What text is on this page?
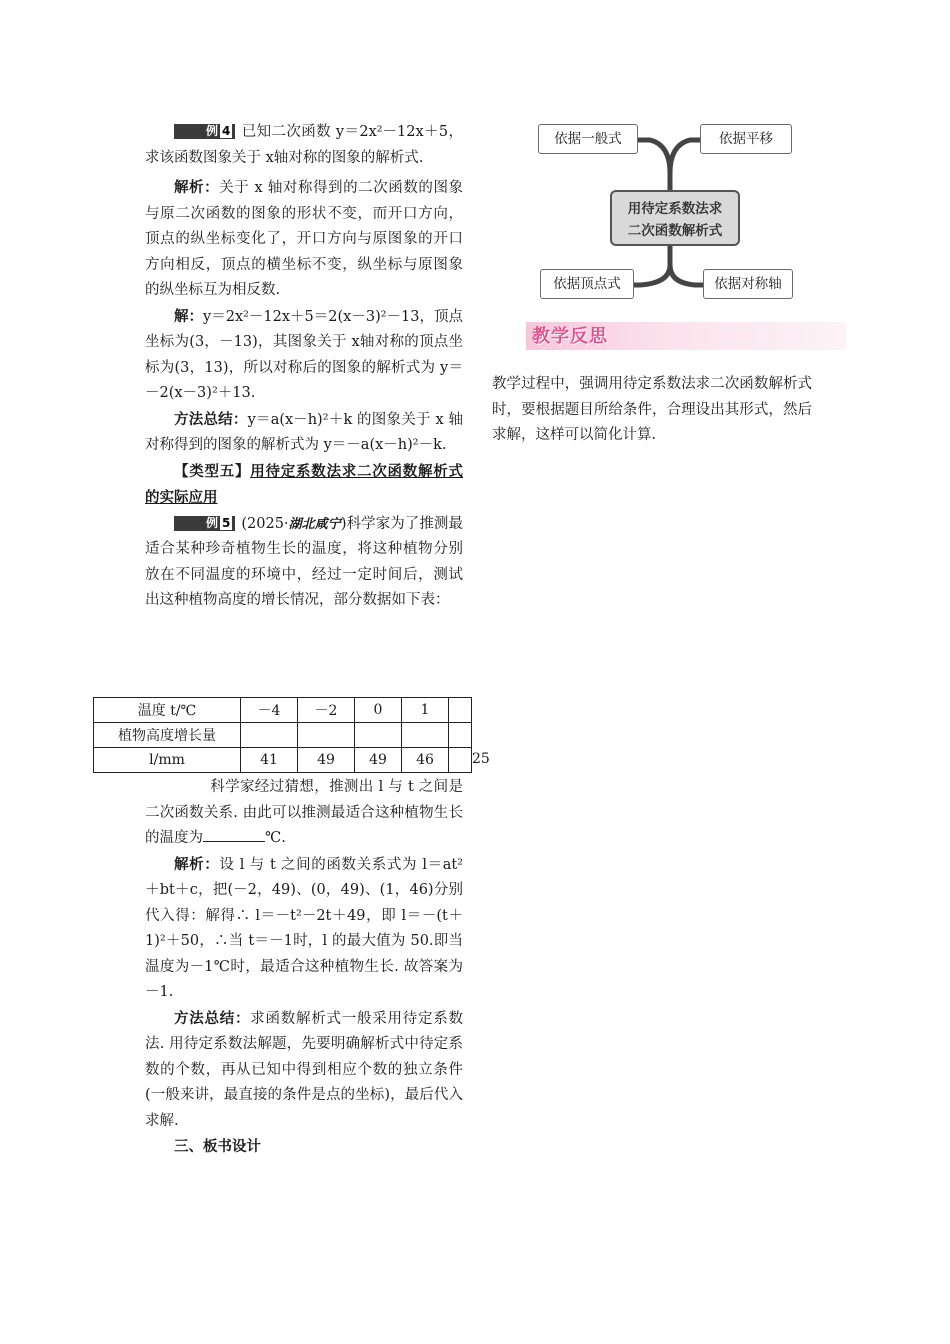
例 4 已知二次函数 y＝2x²－12x＋5，求该函数图象关于 x轴对称的图象的解析式.

解析：关于 x 轴对称得到的二次函数的图象与原二次函数的图象的形状不变，而开口方向，顶点的纵坐标变化了，开口方向与原图象的开口方向相反，顶点的横坐标不变，纵坐标与原图象的纵坐标互为相反数.

解：y＝2x²－12x＋5＝2(x－3)²－13，顶点坐标为(3，－13)，其图象关于 x轴对称的顶点坐标为(3，13)，所以对称后的图象的解析式为 y＝－2(x－3)²＋13.

方法总结：y＝a(x－h)²＋k 的图象关于 x 轴对称得到的图象的解析式为 y＝－a(x－h)²－k.

【类型五】用待定系数法求二次函数解析式的实际应用

例 5 (2025·湖北咸宁)科学家为了推测最适合某种珍奇植物生长的温度，将这种植物分别放在不同温度的环境中，经过一定时间后，测试出这种植物高度的增长情况，部分数据如下表：

温度 t/℃	－4	－2	0	1	
植物高度增长量					
l/mm	41	49	49	46		25

科学家经过猜想，推测出 l 与 t 之间是二次函数关系. 由此可以推测最适合这种植物生长的温度为	℃.

解析：设 l 与 t 之间的函数关系式为 l＝at²＋bt＋c，把(－2，49)、(0，49)、(1，46)分别代入得：解得∴ l＝－t²－2t＋49，即 l＝－(t＋1)²＋50，∴当 t＝－1时，l 的最大值为 50.即当温度为－1℃时，最适合这种植物生长. 故答案为－1.

方法总结：求函数解析式一般采用待定系数法. 用待定系数法解题，先要明确解析式中待定系数的个数，再从已知中得到相应个数的独立条件(一般来讲，最直接的条件是点的坐标)，最后代入求解.

三、板书设计

依据一般式	依据平移
用待定系数法求
二次函数解析式
依据顶点式	依据对称轴
教学反思

教学过程中，强调用待定系数法求二次函数解析式时，要根据题目所给条件，合理设出其形式，然后求解，这样可以简化计算.
